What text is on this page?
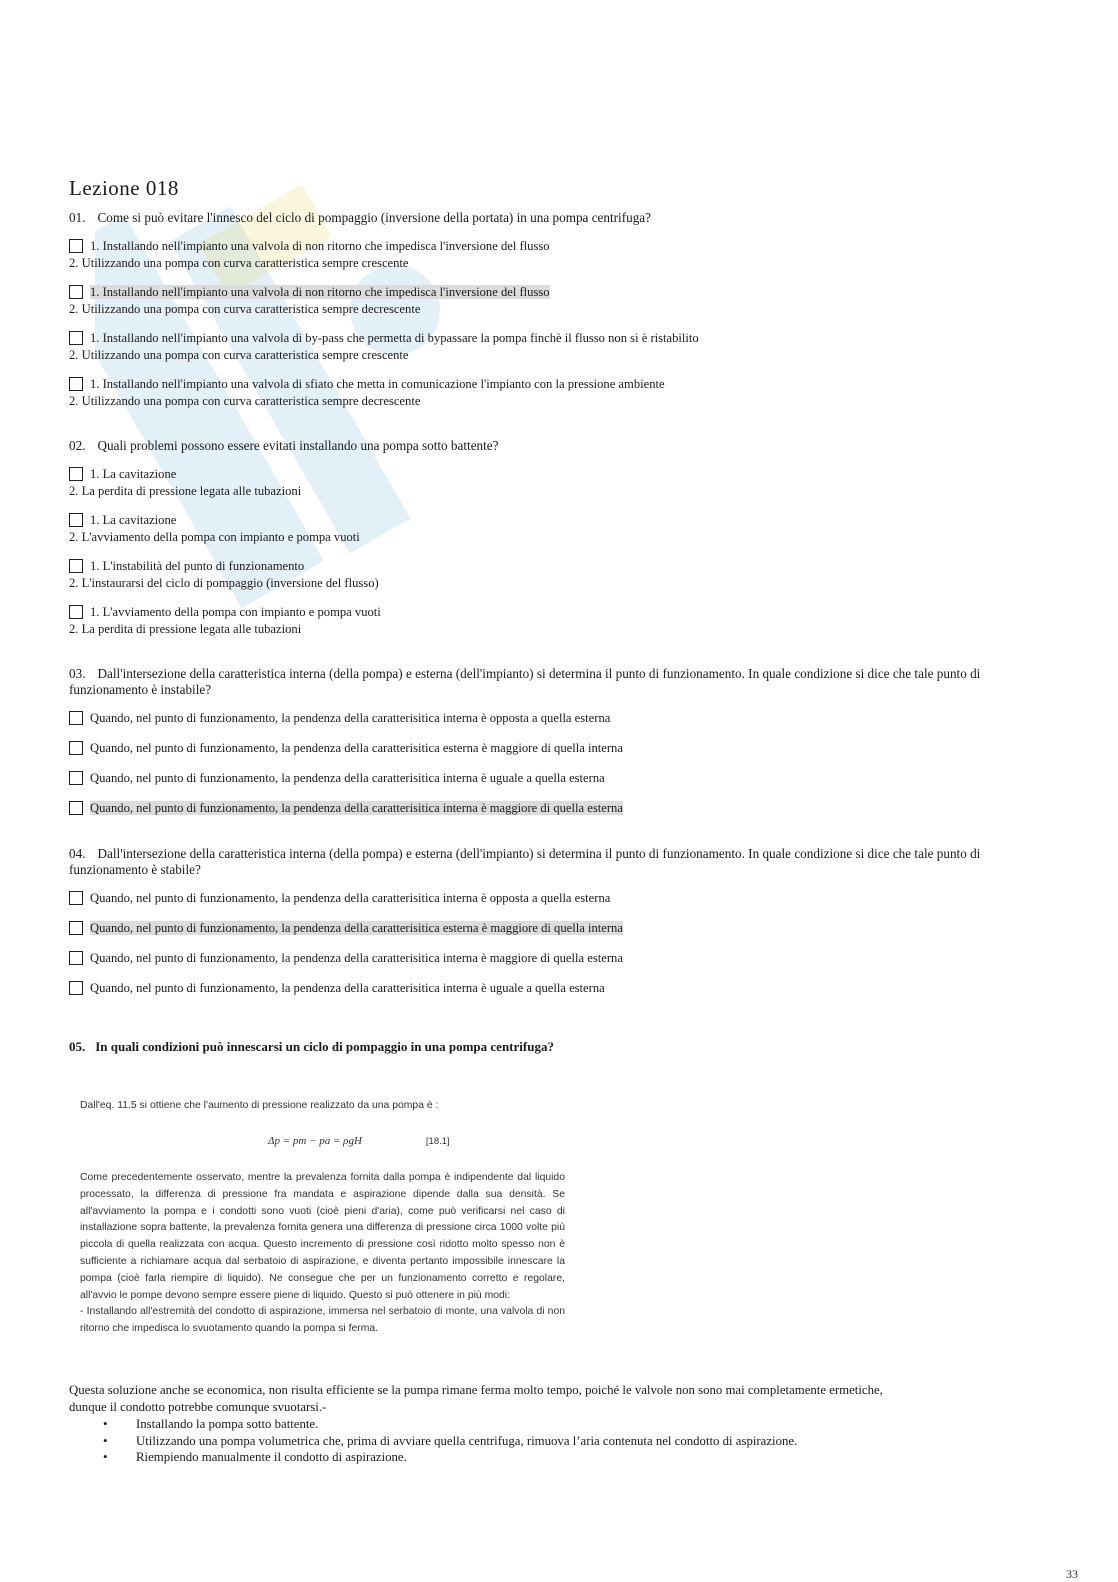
Lezione 018
01. Come si può evitare l'innesco del ciclo di pompaggio (inversione della portata) in una pompa centrifuga?
1. Installando nell'impianto una valvola di non ritorno che impedisca l'inversione del flusso
2. Utilizzando una pompa con curva caratteristica sempre crescente
1. Installando nell'impianto una valvola di non ritorno che impedisca l'inversione del flusso
2. Utilizzando una pompa con curva caratteristica sempre decrescente
1. Installando nell'impianto una valvola di by-pass che permetta di bypassare la pompa finchè il flusso non si è ristabilito
2. Utilizzando una pompa con curva caratteristica sempre crescente
1. Installando nell'impianto una valvola di sfiato che metta in comunicazione l'impianto con la pressione ambiente
2. Utilizzando una pompa con curva caratteristica sempre decrescente
02. Quali problemi possono essere evitati installando una pompa sotto battente?
1. La cavitazione
2. La perdita di pressione legata alle tubazioni
1. La cavitazione
2. L'avviamento della pompa con impianto e pompa vuoti
1. L'instabilità del punto di funzionamento
2. L'instaurarsi del ciclo di pompaggio (inversione del flusso)
1. L'avviamento della pompa con impianto e pompa vuoti
2. La perdita di pressione legata alle tubazioni
03. Dall'intersezione della caratteristica interna (della pompa) e esterna (dell'impianto) si determina il punto di funzionamento. In quale condizione si dice che tale punto di funzionamento è instabile?
Quando, nel punto di funzionamento, la pendenza della caratterisitica interna è opposta a quella esterna
Quando, nel punto di funzionamento, la pendenza della caratterisitica esterna è maggiore di quella interna
Quando, nel punto di funzionamento, la pendenza della caratterisitica interna è uguale a quella esterna
Quando, nel punto di funzionamento, la pendenza della caratterisitica interna è maggiore di quella esterna
04. Dall'intersezione della caratteristica interna (della pompa) e esterna (dell'impianto) si determina il punto di funzionamento. In quale condizione si dice che tale punto di funzionamento è stabile?
Quando, nel punto di funzionamento, la pendenza della caratterisitica interna è opposta a quella esterna
Quando, nel punto di funzionamento, la pendenza della caratterisitica esterna è maggiore di quella interna
Quando, nel punto di funzionamento, la pendenza della caratterisitica interna è maggiore di quella esterna
Quando, nel punto di funzionamento, la pendenza della caratterisitica interna è uguale a quella esterna
05. In quali condizioni può innescarsi un ciclo di pompaggio in una pompa centrifuga?

Dall'eq. 11.5 si ottiene che l'aumento di pressione realizzato da una pompa è :

Δp = pm − pa = ρgH	[18.1]

Come precedentemente osservato, mentre la prevalenza fornita dalla pompa è indipendente dal liquido processato, la differenza di pressione fra mandata e aspirazione dipende dalla sua densità. Se all'avviamento la pompa e i condotti sono vuoti (cioè pieni d'aria), come può verificarsi nel caso di installazione sopra battente, la prevalenza fornita genera una differenza di pressione circa 1000 volte più piccola di quella realizzata con acqua. Questo incremento di pressione così ridotto molto spesso non è sufficiente a richiamare acqua dal serbatoio di aspirazione, e diventa pertanto impossibile innescare la pompa (cioè farla riempire di liquido). Ne consegue che per un funzionamento corretto e regolare, all'avvio le pompe devono sempre essere piene di liquido. Questo si può ottenere in più modi:
- Installando all'estremità del condotto di aspirazione, immersa nel serbatoio di monte, una valvola di non ritorno che impedisca lo svuotamento quando la pompa si ferma.

Questa soluzione anche se economica, non risulta efficiente se la pumpa rimane ferma molto tempo, poiché le valvole non sono mai completamente ermetiche,

dunque il condotto potrebbe comunque svuotarsi.-

• Installando la pompa sotto battente.
• Utilizzando una pompa volumetrica che, prima di avviare quella centrifuga, rimuova l’aria contenuta nel condotto di aspirazione.
• Riempiendo manualmente il condotto di aspirazione.
33
